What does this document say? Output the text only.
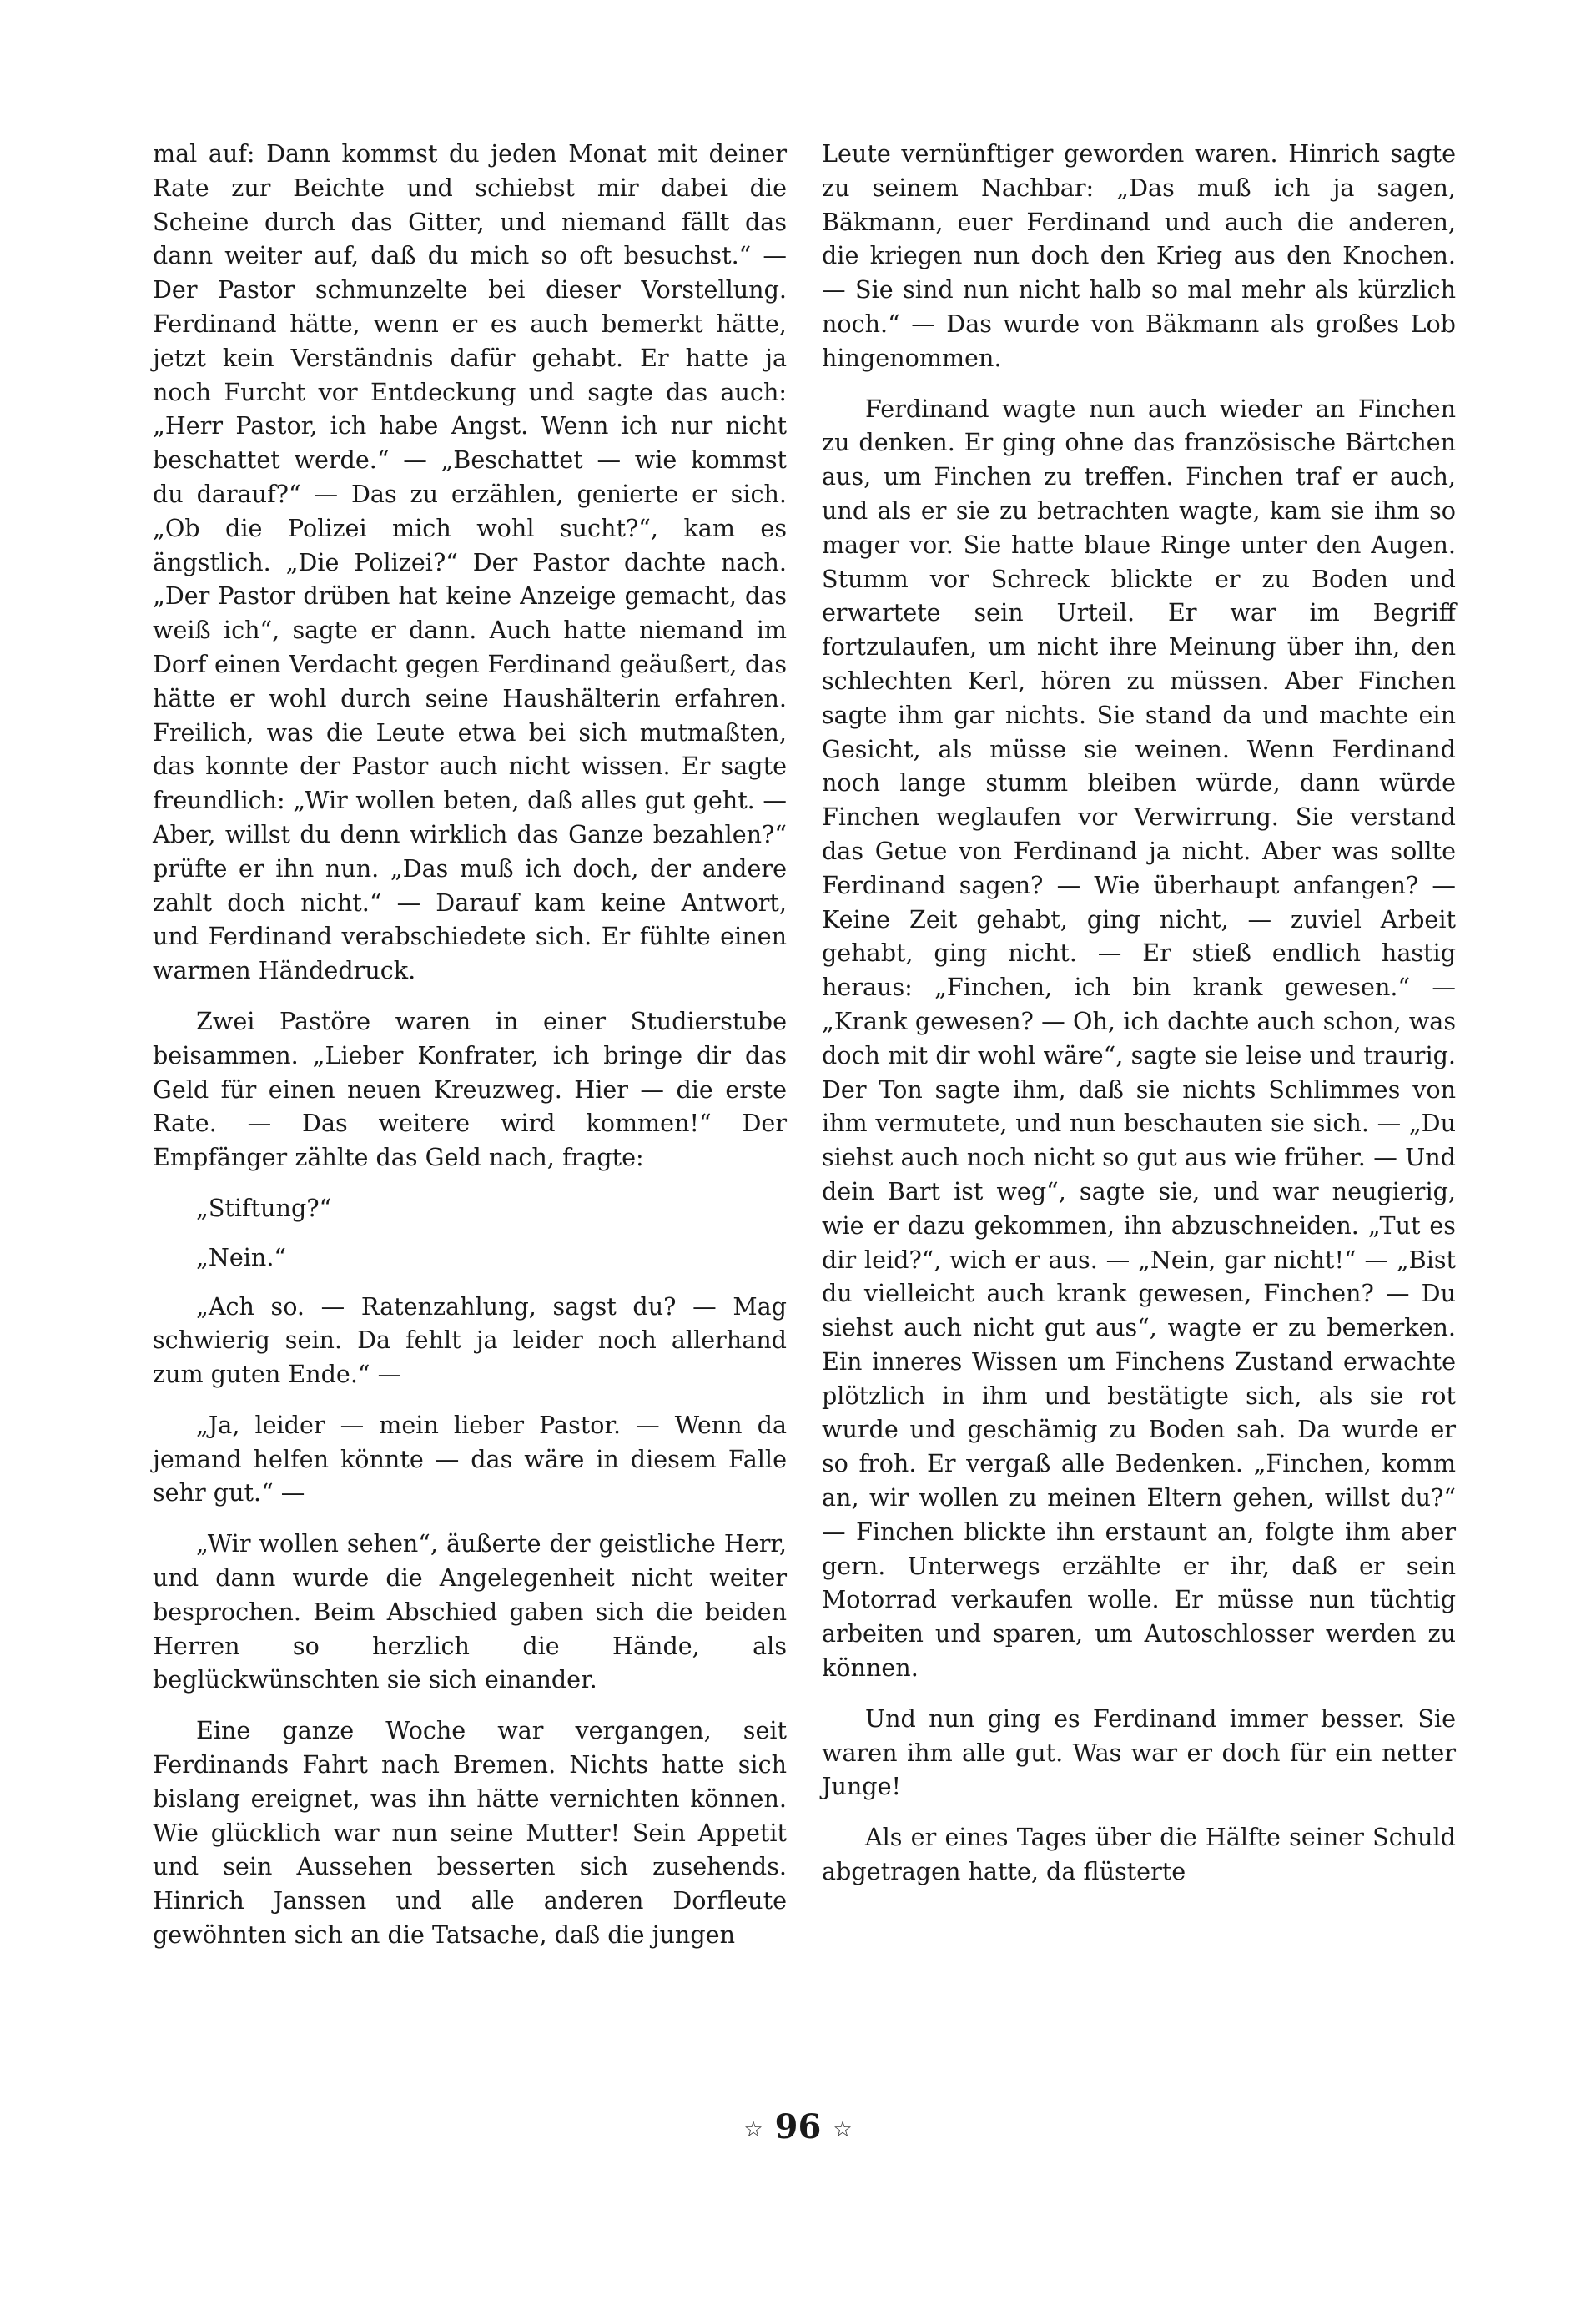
mal auf: Dann kommst du jeden Monat mit deiner Rate zur Beichte und schiebst mir dabei die Scheine durch das Gitter, und niemand fällt das dann weiter auf, daß du mich so oft besuchst.“ — Der Pastor schmunzelte bei dieser Vorstellung. Ferdinand hätte, wenn er es auch bemerkt hätte, jetzt kein Verständnis dafür gehabt. Er hatte ja noch Furcht vor Entdeckung und sagte das auch: „Herr Pastor, ich habe Angst. Wenn ich nur nicht beschattet werde.“ — „Beschattet — wie kommst du darauf?“ — Das zu erzählen, genierte er sich. „Ob die Polizei mich wohl sucht?“, kam es ängstlich. „Die Polizei?“ Der Pastor dachte nach. „Der Pastor drüben hat keine Anzeige gemacht, das weiß ich“, sagte er dann. Auch hatte niemand im Dorf einen Verdacht gegen Ferdinand geäußert, das hätte er wohl durch seine Haushälterin erfahren. Freilich, was die Leute etwa bei sich mutmaßten, das konnte der Pastor auch nicht wissen. Er sagte freundlich: „Wir wollen beten, daß alles gut geht. — Aber, willst du denn wirklich das Ganze bezahlen?“ prüfte er ihn nun. „Das muß ich doch, der andere zahlt doch nicht.“ — Darauf kam keine Antwort, und Ferdinand verabschiedete sich. Er fühlte einen warmen Händedruck.

Zwei Pastöre waren in einer Studierstube beisammen. „Lieber Konfrater, ich bringe dir das Geld für einen neuen Kreuzweg. Hier — die erste Rate. — Das weitere wird kommen!“ Der Empfänger zählte das Geld nach, fragte:

„Stiftung?“

„Nein.“

„Ach so. — Ratenzahlung, sagst du? — Mag schwierig sein. Da fehlt ja leider noch allerhand zum guten Ende.“ —

„Ja, leider — mein lieber Pastor. — Wenn da jemand helfen könnte — das wäre in diesem Falle sehr gut.“ —

„Wir wollen sehen“, äußerte der geistliche Herr, und dann wurde die Angelegenheit nicht weiter besprochen. Beim Abschied gaben sich die beiden Herren so herzlich die Hände, als beglückwünschten sie sich einander.

Eine ganze Woche war vergangen, seit Ferdinands Fahrt nach Bremen. Nichts hatte sich bislang ereignet, was ihn hätte vernichten können. Wie glücklich war nun seine Mutter! Sein Appetit und sein Aussehen besserten sich zusehends. Hinrich Janssen und alle anderen Dorfleute gewöhnten sich an die Tatsache, daß die jungen

Leute vernünftiger geworden waren. Hinrich sagte zu seinem Nachbar: „Das muß ich ja sagen, Bäkmann, euer Ferdinand und auch die anderen, die kriegen nun doch den Krieg aus den Knochen. — Sie sind nun nicht halb so mal mehr als kürzlich noch.“ — Das wurde von Bäkmann als großes Lob hingenommen.

Ferdinand wagte nun auch wieder an Finchen zu denken. Er ging ohne das französische Bärtchen aus, um Finchen zu treffen. Finchen traf er auch, und als er sie zu betrachten wagte, kam sie ihm so mager vor. Sie hatte blaue Ringe unter den Augen. Stumm vor Schreck blickte er zu Boden und erwartete sein Urteil. Er war im Begriff fortzulaufen, um nicht ihre Meinung über ihn, den schlechten Kerl, hören zu müssen. Aber Finchen sagte ihm gar nichts. Sie stand da und machte ein Gesicht, als müsse sie weinen. Wenn Ferdinand noch lange stumm bleiben würde, dann würde Finchen weglaufen vor Verwirrung. Sie verstand das Getue von Ferdinand ja nicht. Aber was sollte Ferdinand sagen? — Wie überhaupt anfangen? — Keine Zeit gehabt, ging nicht, — zuviel Arbeit gehabt, ging nicht. — Er stieß endlich hastig heraus: „Finchen, ich bin krank gewesen.“ — „Krank gewesen? — Oh, ich dachte auch schon, was doch mit dir wohl wäre“, sagte sie leise und traurig. Der Ton sagte ihm, daß sie nichts Schlimmes von ihm vermutete, und nun beschauten sie sich. — „Du siehst auch noch nicht so gut aus wie früher. — Und dein Bart ist weg“, sagte sie, und war neugierig, wie er dazu gekommen, ihn abzuschneiden. „Tut es dir leid?“, wich er aus. — „Nein, gar nicht!“ — „Bist du vielleicht auch krank gewesen, Finchen? — Du siehst auch nicht gut aus“, wagte er zu bemerken. Ein inneres Wissen um Finchens Zustand erwachte plötzlich in ihm und bestätigte sich, als sie rot wurde und geschämig zu Boden sah. Da wurde er so froh. Er vergaß alle Bedenken. „Finchen, komm an, wir wollen zu meinen Eltern gehen, willst du?“ — Finchen blickte ihn erstaunt an, folgte ihm aber gern. Unterwegs erzählte er ihr, daß er sein Motorrad verkaufen wolle. Er müsse nun tüchtig arbeiten und sparen, um Autoschlosser werden zu können.

Und nun ging es Ferdinand immer besser. Sie waren ihm alle gut. Was war er doch für ein netter Junge!

Als er eines Tages über die Hälfte seiner Schuld abgetragen hatte, da flüsterte

☆ 96 ☆
